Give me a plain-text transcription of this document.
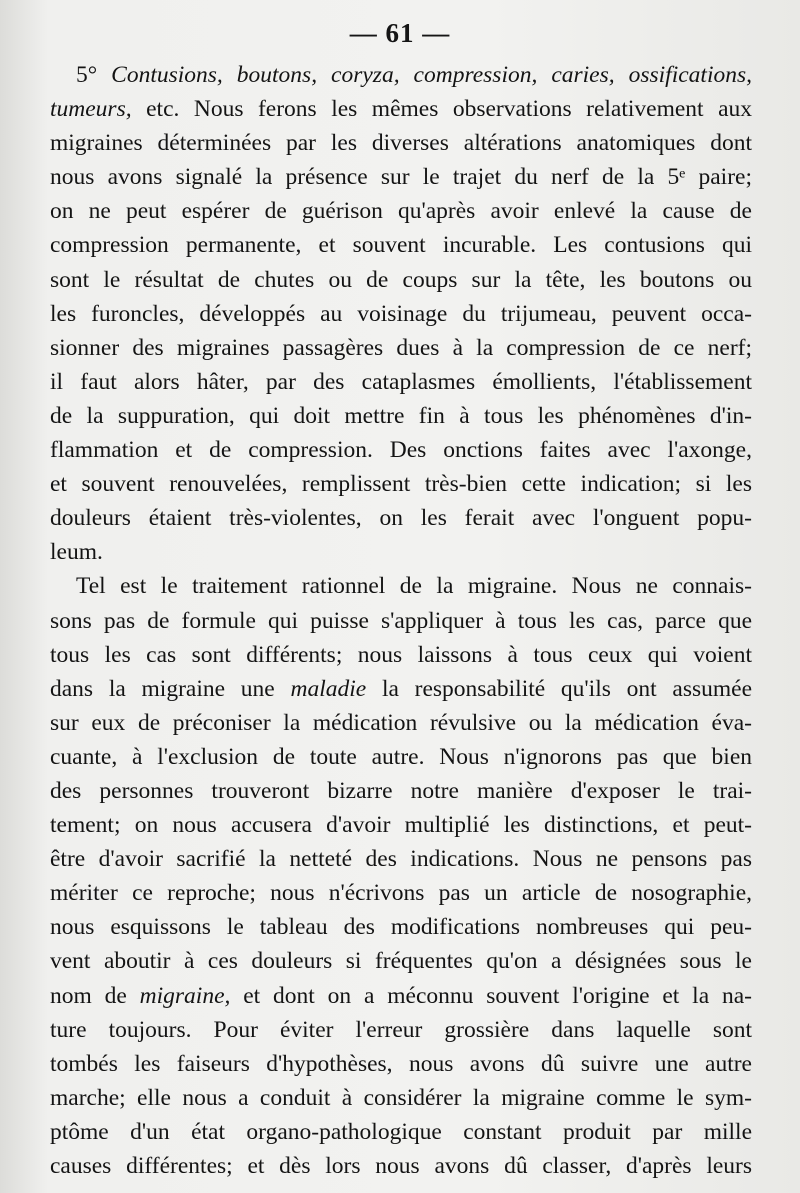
— 61 —
5° Contusions, boutons, coryza, compression, caries, ossifications,
tumeurs, etc. Nous ferons les mêmes observations relativement aux
migraines déterminées par les diverses altérations anatomiques dont
nous avons signalé la présence sur le trajet du nerf de la 5ᵉ paire;
on ne peut espérer de guérison qu'après avoir enlevé la cause de
compression permanente, et souvent incurable. Les contusions qui
sont le résultat de chutes ou de coups sur la tête, les boutons ou
les furoncles, développés au voisinage du trijumeau, peuvent occa-
sionner des migraines passagères dues à la compression de ce nerf;
il faut alors hâter, par des cataplasmes émollients, l'établissement
de la suppuration, qui doit mettre fin à tous les phénomènes d'in-
flammation et de compression. Des onctions faites avec l'axonge,
et souvent renouvelées, remplissent très-bien cette indication; si les
douleurs étaient très-violentes, on les ferait avec l'onguent popu-
leum.
Tel est le traitement rationnel de la migraine. Nous ne connais-
sons pas de formule qui puisse s'appliquer à tous les cas, parce que
tous les cas sont différents; nous laissons à tous ceux qui voient
dans la migraine une maladie la responsabilité qu'ils ont assumée
sur eux de préconiser la médication révulsive ou la médication éva-
cuante, à l'exclusion de toute autre. Nous n'ignorons pas que bien
des personnes trouveront bizarre notre manière d'exposer le trai-
tement; on nous accusera d'avoir multiplié les distinctions, et peut-
être d'avoir sacrifié la netteté des indications. Nous ne pensons pas
mériter ce reproche; nous n'écrivons pas un article de nosographie,
nous esquissons le tableau des modifications nombreuses qui peu-
vent aboutir à ces douleurs si fréquentes qu'on a désignées sous le
nom de migraine, et dont on a méconnu souvent l'origine et la na-
ture toujours. Pour éviter l'erreur grossière dans laquelle sont
tombés les faiseurs d'hypothèses, nous avons dû suivre une autre
marche; elle nous a conduit à considérer la migraine comme le sym-
ptôme d'un état organo-pathologique constant produit par mille
causes différentes; et dès lors nous avons dû classer, d'après leurs
